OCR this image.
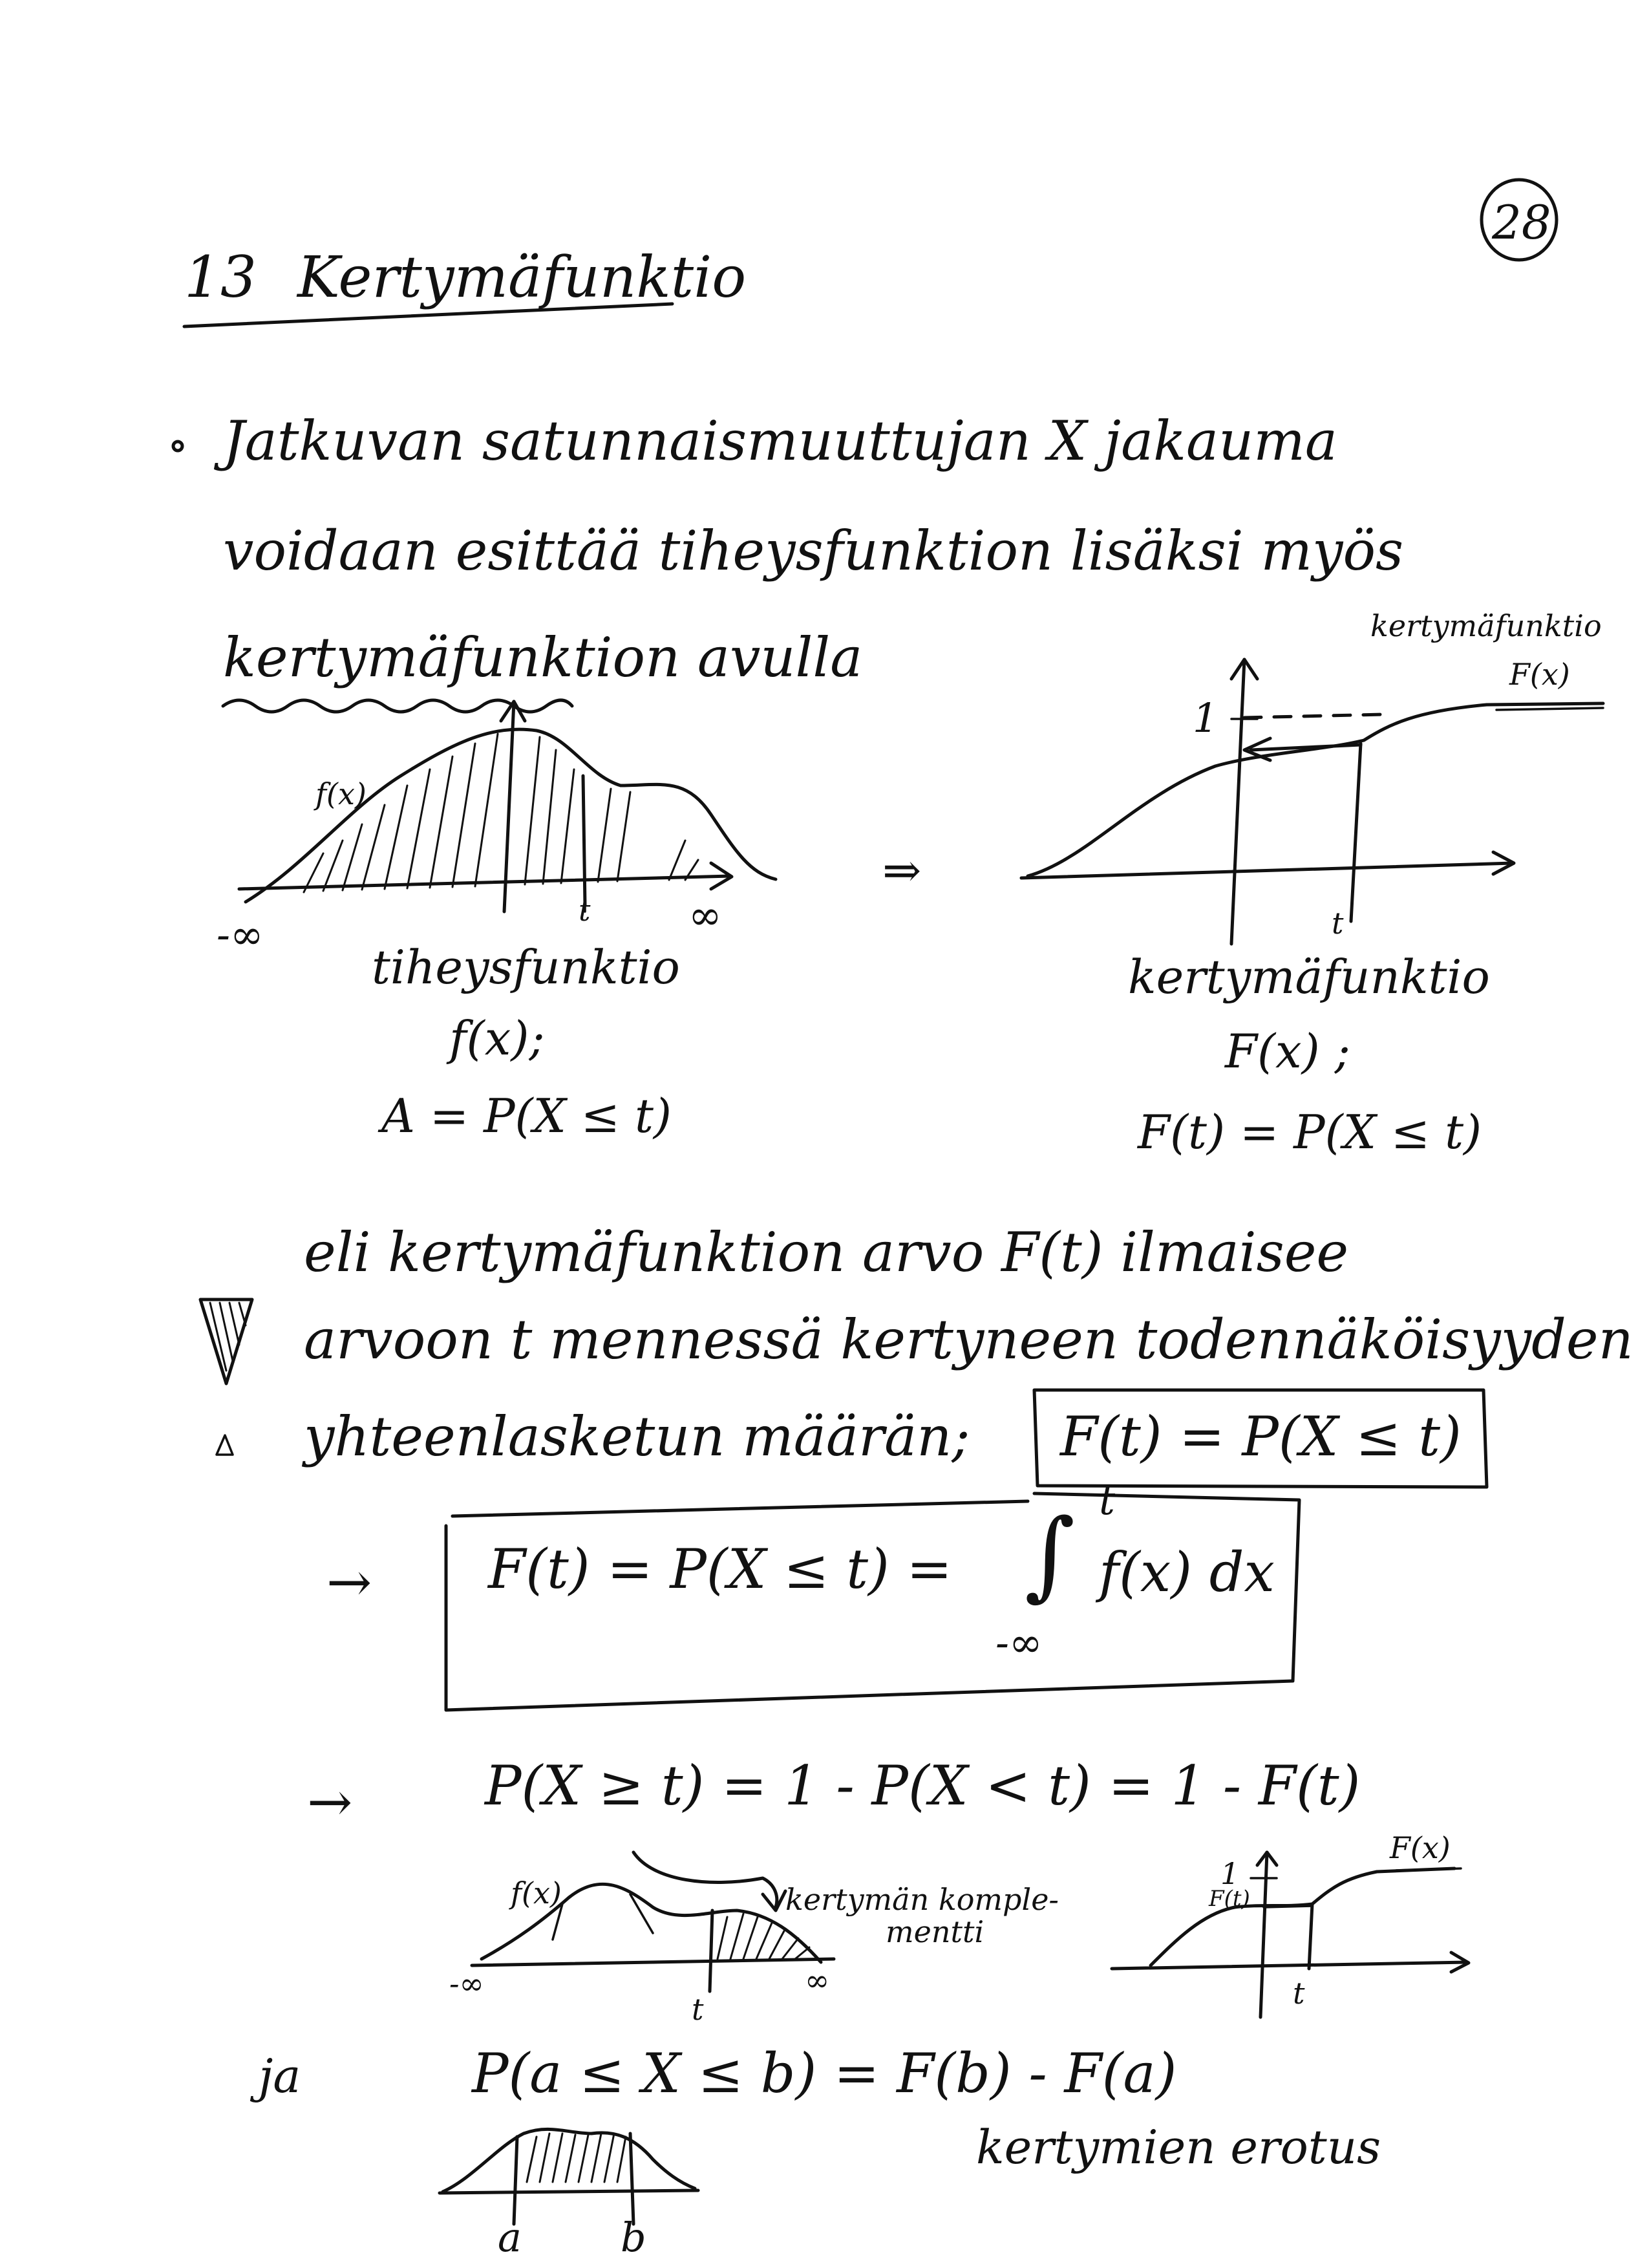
28
13 Kertymäfunktio
Jatkuvan satunnaismuuttujan X jakauma
voidaan esittää tiheysfunktion lisäksi myös
kertymäfunktion avulla
f(x)
-∞
t ∞
tiheysfunktio
f(x);
A = P(X ≤ t)
⇒
kertymäfunktio
F(x)
1
t
kertymäfunktio
F(x) ;
F(t) = P(X ≤ t)
eli kertymäfunktion arvo F(t) ilmaisee
arvoon t mennessä kertyneen todennäköisyyden
yhteenlasketun määrän; F(t) = P(X ≤ t)
→ F(t) = P(X ≤ t) = ∫ t
-∞
f(x) dx
→ P(X ≥ t) = 1 - P(X < t) = 1 - F(t)
f(x)	kertymän komple-
mentti
-∞
t
∞
F(x)
1
F(t)
t
ja	P(a ≤ X ≤ b) = F(b) - F(a)
kertymien erotus
a b
